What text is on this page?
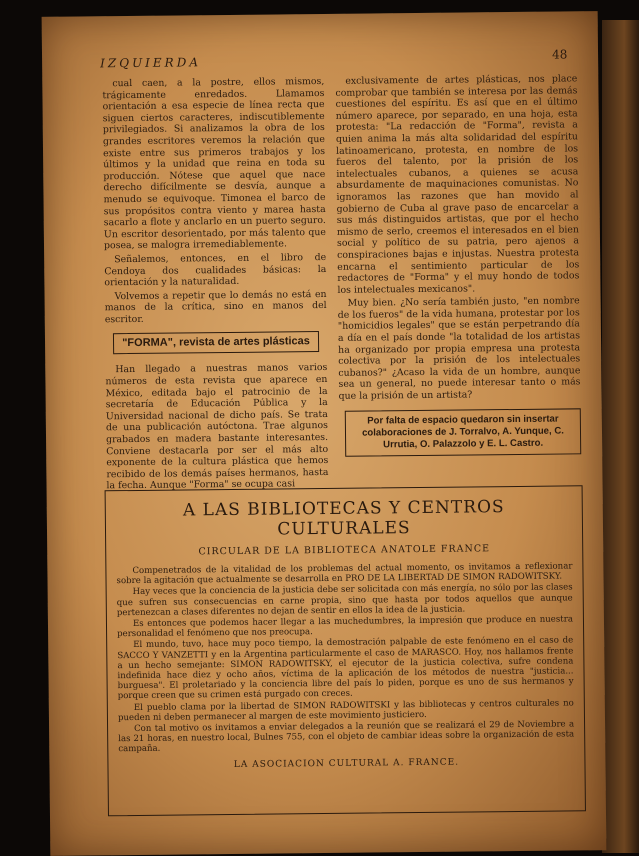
IZQUIERDA
48

cual caen, a la postre, ellos mismos, trágicamente enredados. Llamamos orientación a esa especie de línea recta que siguen ciertos caracteres, indiscutiblemente privilegiados. Si analizamos la obra de los grandes escritores veremos la relación que existe entre sus primeros trabajos y los últimos y la unidad que reina en toda su producción. Nótese que aquel que nace derecho difícilmente se desvía, aunque a menudo se equivoque. Timonea el barco de sus propósitos contra viento y marea hasta sacarlo a flote y anclarlo en un puerto seguro. Un escritor desorientado, por más talento que posea, se malogra irremediablemente.

Señalemos, entonces, en el libro de Cendoya dos cualidades básicas: la orientación y la naturalidad.

Volvemos a repetir que lo demás no está en manos de la crítica, sino en manos del escritor.

"FORMA", revista de artes plásticas

Han llegado a nuestras manos varios números de esta revista que aparece en México, editada bajo el patrocinio de la secretaría de Educación Pública y la Universidad nacional de dicho país. Se trata de una publicación autóctona. Trae algunos grabados en madera bastante interesantes. Conviene destacarla por ser el más alto exponente de la cultura plástica que hemos recibido de los demás países hermanos, hasta la fecha. Aunque "Forma" se ocupa casi

exclusivamente de artes plásticas, nos place comprobar que también se interesa por las demás cuestiones del espíritu. Es así que en el último número aparece, por separado, en una hoja, esta protesta: "La redacción de "Forma", revista a quien anima la más alta solidaridad del espíritu latinoamericano, protesta, en nombre de los fueros del talento, por la prisión de los intelectuales cubanos, a quienes se acusa absurdamente de maquinaciones comunistas. No ignoramos las razones que han movido al gobierno de Cuba al grave paso de encarcelar a sus más distinguidos artistas, que por el hecho mismo de serlo, creemos el interesados en el bien social y político de su patria, pero ajenos a conspiraciones bajas e injustas. Nuestra protesta encarna el sentimiento particular de los redactores de "Forma" y el muy hondo de todos los intelectuales mexicanos".

Muy bien. ¿No sería también justo, "en nombre de los fueros" de la vida humana, protestar por los "homicidios legales" que se están perpetrando día a día en el país donde "la totalidad de los artistas ha organizado por propia empresa una protesta colectiva por la prisión de los intelectuales cubanos?" ¿Acaso la vida de un hombre, aunque sea un general, no puede interesar tanto o más que la prisión de un artista?

Por falta de espacio quedaron sin insertar colaboraciones de J. Torralvo, A. Yunque, C. Urrutia, O. Palazzolo y E. L. Castro.
A LAS BIBLIOTECAS Y CENTROS CULTURALES
CIRCULAR DE LA BIBLIOTECA ANATOLE FRANCE

Compenetrados de la vitalidad de los problemas del actual momento, os invitamos a reflexionar sobre la agitación que actualmente se desarrolla en PRO DE LA LIBERTAD DE SIMON RADOWITSKY.

Hay veces que la conciencia de la justicia debe ser solicitada con más energía, no sólo por las clases que sufren sus consecuencias en carne propia, sino que hasta por todos aquellos que aunque pertenezcan a clases diferentes no dejan de sentir en ellos la idea de la justicia.

Es entonces que podemos hacer llegar a las muchedumbres, la impresión que produce en nuestra personalidad el fenómeno que nos preocupa.

El mundo, tuvo, hace muy poco tiempo, la demostración palpable de este fenómeno en el caso de SACCO Y VANZETTI y en la Argentina particularmente el caso de MARASCO. Hoy, nos hallamos frente a un hecho semejante: SIMON RADOWITSKY, el ejecutor de la justicia colectiva, sufre condena indefinida hace diez y ocho años, víctima de la aplicación de los métodos de nuestra "justicia... burguesa". El proletariado y la conciencia libre del país lo piden, porque es uno de sus hermanos y porque creen que su crimen está purgado con creces.

El pueblo clama por la libertad de SIMON RADOWITSKI y las bibliotecas y centros culturales no pueden ni deben permanecer al margen de este movimiento justiciero.

Con tal motivo os invitamos a enviar delegados a la reunión que se realizará el 29 de Noviembre a las 21 horas, en nuestro local, Bulnes 755, con el objeto de cambiar ideas sobre la organización de esta campaña.

LA ASOCIACION CULTURAL A. FRANCE.
